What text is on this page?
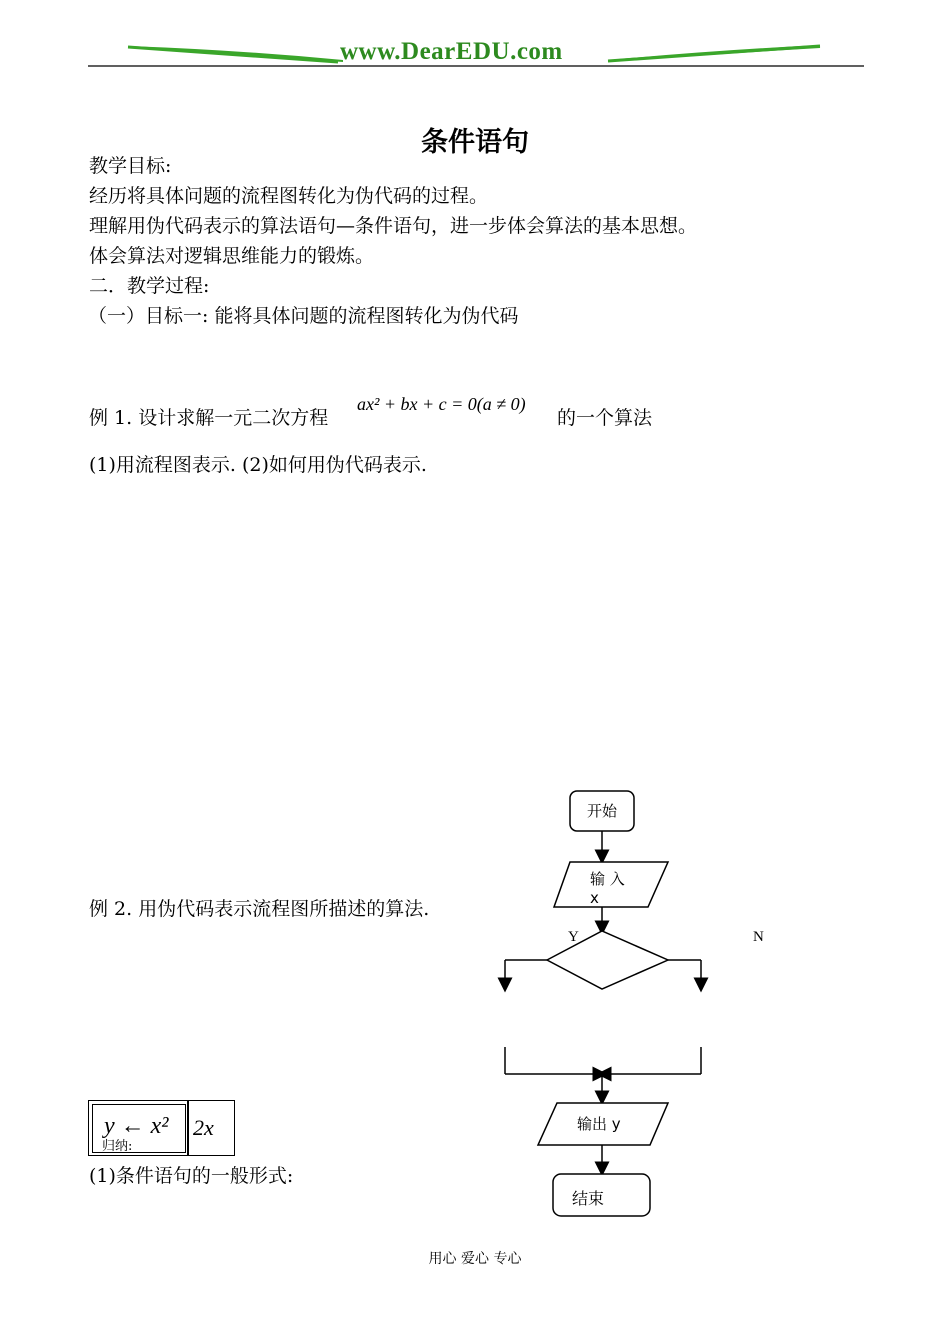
www.DearEDU.com
条件语句
教学目标:
经历将具体问题的流程图转化为伪代码的过程。
理解用伪代码表示的算法语句—条件语句，进一步体会算法的基本思想。
体会算法对逻辑思维能力的锻炼。
二．教学过程:
（一）目标一: 能将具体问题的流程图转化为伪代码
例 1. 设计求解一元二次方程
ax² + bx + c = 0(a ≠ 0)
的一个算法
(1)用流程图表示. (2)如何用伪代码表示.
例 2. 用伪代码表示流程图所描述的算法.
y ← x² 2x
归纳:
(1)条件语句的一般形式:
开始
输 入 x
Y	N
输出 y
结束
用心 爱心 专心
